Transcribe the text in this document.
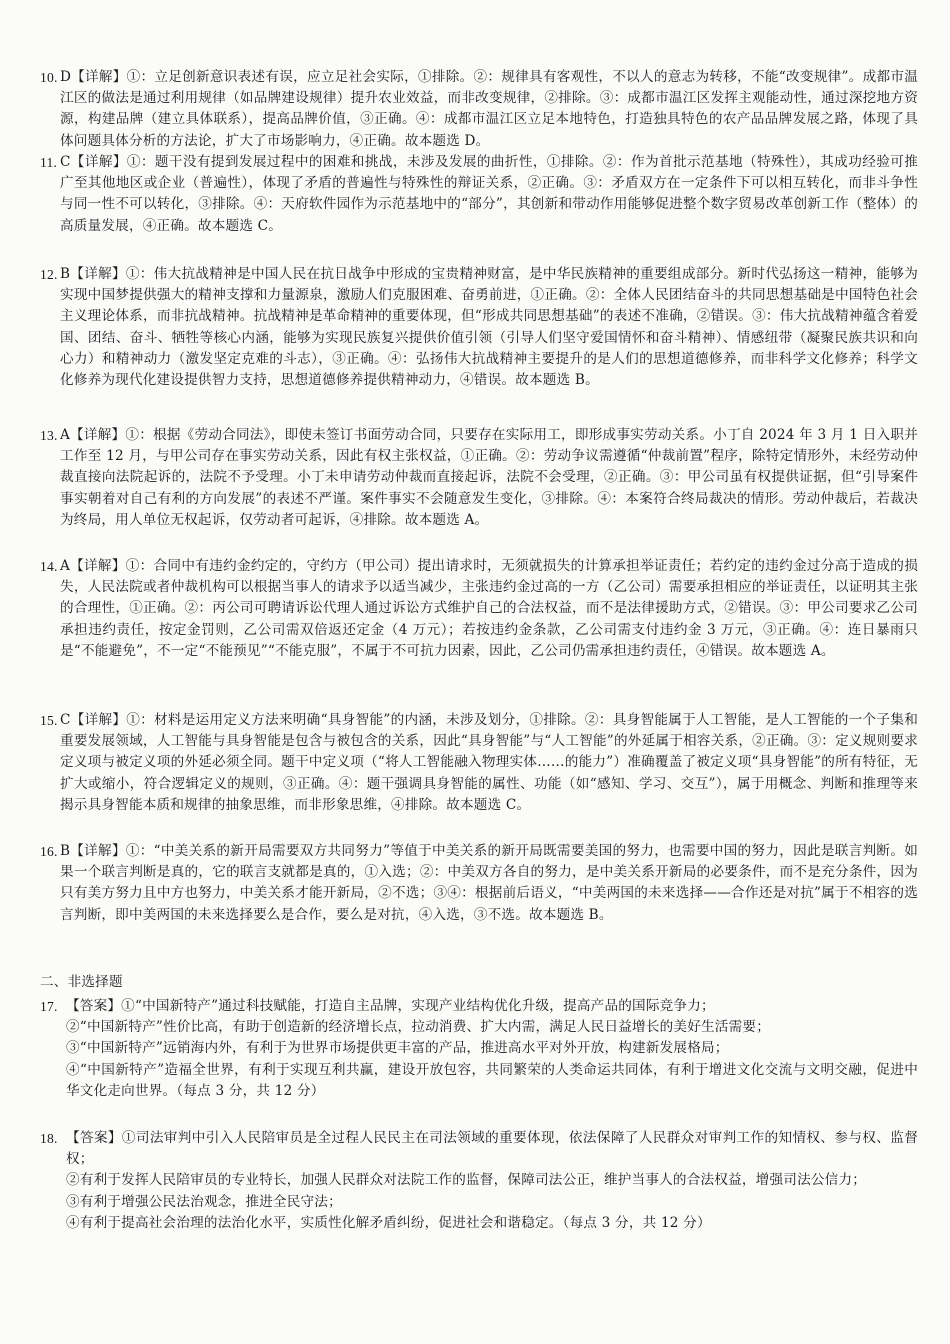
10. D【详解】①：立足创新意识表述有误，应立足社会实际，①排除。②：规律具有客观性，不以人的意志为转移，不能“改变规律”。成都市温江区的做法是通过利用规律（如品牌建设规律）提升农业效益，而非改变规律，②排除。③：成都市温江区发挥主观能动性，通过深挖地方资源，构建品牌（建立具体联系），提高品牌价值，③正确。④：成都市温江区立足本地特色，打造独具特色的农产品品牌发展之路，体现了具体问题具体分析的方法论，扩大了市场影响力，④正确。故本题选 D。
11. C【详解】①：题干没有提到发展过程中的困难和挑战，未涉及发展的曲折性，①排除。②：作为首批示范基地（特殊性），其成功经验可推广至其他地区或企业（普遍性），体现了矛盾的普遍性与特殊性的辩证关系，②正确。③：矛盾双方在一定条件下可以相互转化，而非斗争性与同一性不可以转化，③排除。④：天府软件园作为示范基地中的“部分”，其创新和带动作用能够促进整个数字贸易改革创新工作（整体）的高质量发展，④正确。故本题选 C。
12. B【详解】①：伟大抗战精神是中国人民在抗日战争中形成的宝贵精神财富，是中华民族精神的重要组成部分。新时代弘扬这一精神，能够为实现中国梦提供强大的精神支撑和力量源泉，激励人们克服困难、奋勇前进，①正确。②：全体人民团结奋斗的共同思想基础是中国特色社会主义理论体系，而非抗战精神。抗战精神是革命精神的重要体现，但“形成共同思想基础”的表述不准确，②错误。③：伟大抗战精神蕴含着爱国、团结、奋斗、牺牲等核心内涵，能够为实现民族复兴提供价值引领（引导人们坚守爱国情怀和奋斗精神）、情感纽带（凝聚民族共识和向心力）和精神动力（激发坚定克难的斗志），③正确。④：弘扬伟大抗战精神主要提升的是人们的思想道德修养，而非科学文化修养；科学文化修养为现代化建设提供智力支持，思想道德修养提供精神动力，④错误。故本题选 B。
13. A【详解】①：根据《劳动合同法》，即使未签订书面劳动合同，只要存在实际用工，即形成事实劳动关系。小丁自 2024 年 3 月 1 日入职并工作至 12 月，与甲公司存在事实劳动关系，因此有权主张权益，①正确。②：劳动争议需遵循“仲裁前置”程序，除特定情形外，未经劳动仲裁直接向法院起诉的，法院不予受理。小丁未申请劳动仲裁而直接起诉，法院不会受理，②正确。③：甲公司虽有权提供证据，但“引导案件事实朝着对自己有利的方向发展”的表述不严谨。案件事实不会随意发生变化，③排除。④：本案符合终局裁决的情形。劳动仲裁后，若裁决为终局，用人单位无权起诉，仅劳动者可起诉，④排除。故本题选 A。
14. A【详解】①：合同中有违约金约定的，守约方（甲公司）提出请求时，无须就损失的计算承担举证责任；若约定的违约金过分高于造成的损失，人民法院或者仲裁机构可以根据当事人的请求予以适当减少，主张违约金过高的一方（乙公司）需要承担相应的举证责任，以证明其主张的合理性，①正确。②：丙公司可聘请诉讼代理人通过诉讼方式维护自己的合法权益，而不是法律援助方式，②错误。③：甲公司要求乙公司承担违约责任，按定金罚则，乙公司需双倍返还定金（4 万元）；若按违约金条款，乙公司需支付违约金 3 万元，③正确。④：连日暴雨只是“不能避免”，不一定“不能预见”“不能克服”，不属于不可抗力因素，因此，乙公司仍需承担违约责任，④错误。故本题选 A。
15. C【详解】①：材料是运用定义方法来明确“具身智能”的内涵，未涉及划分，①排除。②：具身智能属于人工智能，是人工智能的一个子集和重要发展领域，人工智能与具身智能是包含与被包含的关系，因此“具身智能”与“人工智能”的外延属于相容关系，②正确。③：定义规则要求定义项与被定义项的外延必须全同。题干中定义项（“将人工智能融入物理实体……的能力”）准确覆盖了被定义项“具身智能”的所有特征，无扩大或缩小，符合逻辑定义的规则，③正确。④：题干强调具身智能的属性、功能（如“感知、学习、交互”），属于用概念、判断和推理等来揭示具身智能本质和规律的抽象思维，而非形象思维，④排除。故本题选 C。
16. B【详解】①：“中美关系的新开局需要双方共同努力”等值于中美关系的新开局既需要美国的努力，也需要中国的努力，因此是联言判断。如果一个联言判断是真的，它的联言支就都是真的，①入选；②：中美双方各自的努力，是中美关系开新局的必要条件，而不是充分条件，因为只有美方努力且中方也努力，中美关系才能开新局，②不选；③④：根据前后语义，“中美两国的未来选择——合作还是对抗”属于不相容的选言判断，即中美两国的未来选择要么是合作，要么是对抗，④入选，③不选。故本题选 B。
二、非选择题
17. 【答案】①“中国新特产”通过科技赋能，打造自主品牌，实现产业结构优化升级，提高产品的国际竞争力；

②“中国新特产”性价比高，有助于创造新的经济增长点，拉动消费、扩大内需，满足人民日益增长的美好生活需要；

③“中国新特产”远销海内外，有利于为世界市场提供更丰富的产品，推进高水平对外开放，构建新发展格局；

④“中国新特产”造福全世界，有利于实现互利共赢，建设开放包容，共同繁荣的人类命运共同体，有利于增进文化交流与文明交融，促进中华文化走向世界。（每点 3 分，共 12 分）

18. 【答案】①司法审判中引入人民陪审员是全过程人民民主在司法领域的重要体现，依法保障了人民群众对审判工作的知情权、参与权、监督权；

②有利于发挥人民陪审员的专业特长，加强人民群众对法院工作的监督，保障司法公正，维护当事人的合法权益，增强司法公信力；

③有利于增强公民法治观念，推进全民守法；

④有利于提高社会治理的法治化水平，实质性化解矛盾纠纷，促进社会和谐稳定。（每点 3 分，共 12 分）
